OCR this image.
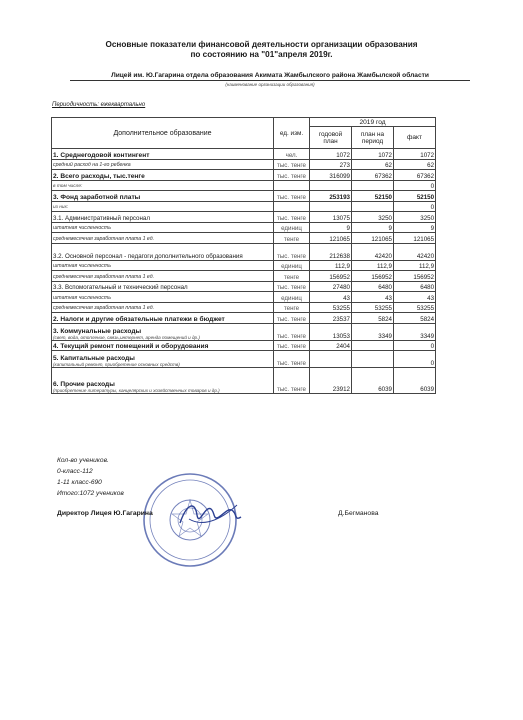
Основные показатели финансовой деятельности организации образования
по состоянию на "01"апреля 2019г.
Лицей им. Ю.Гагарина отдела образования Акимата Жамбылского района Жамбылской области
(наименование организации образования)
Периодичность: ежеквартально
Дополнительное образование	ед. изм.	2019 год		
		годовой план	план на период	факт

1. Среднегодовой контингент	чел.	1072	1072	1072

средний расход на 1-го ребенка	тыс. тенге	273	62	62

2. Всего расходы, тыс.тенге	тыс. тенге	316099	67362	67362

в том числе:				0

3. Фонд заработной платы	тыс. тенге	253193	52150	52150

из них:				0

3.1. Административный персонал	тыс. тенге	13075	3250	3250

штатная численность	единиц	9	9	9

среднемесячная заработная плата 1 ед.	тенге	121065	121065	121065

3.2. Основной персонал - педагоги дополнительного образования	тыс. тенге	212638	42420	42420

штатная численность	единиц	112,9	112,9	112,9

среднемесячная заработная плата 1 ед.	тенге	156952	156952	156952

3.3. Вспомогательный и технический персонал	тыс. тенге	27480	6480	6480

штатная численность	единиц	43	43	43

среднемесячная заработная плата 1 ед.	тенге	53255	53255	53255

2. Налоги и другие обязательные платежи в бюджет	тыс. тенге	23537	5824	5824

3. Коммунальные расходы
(свет, вода, отопление, связь,интернет, аренда помещений и др.)	тыс. тенге	13053	3349	3349

4. Текущий ремонт помещений и оборудования	тыс. тенге	2404		0

5. Капитальные расходы
(капитальный ремонт, приобретение основных средств)	тыс. тенге			0

6. Прочие расходы
(приобретение литературы, канцелярских и хозяйственных товаров и др.)	тыс. тенге	23912	6039	6039
Кол-во учеников.
0-класс-112
1-11 класс-690
Итого:1072 учеников
Директор Лицея Ю.Гагарина	Д.Бегманова
